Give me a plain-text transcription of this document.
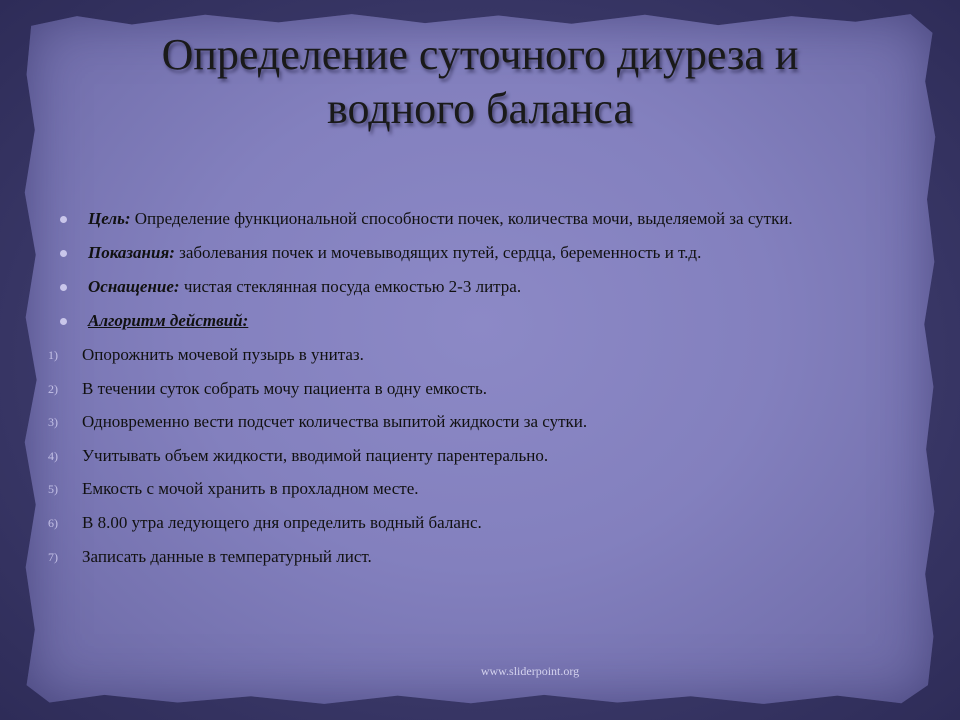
Определение суточного диуреза и водного баланса
Цель: Определение функциональной способности почек, количества мочи, выделяемой за сутки.
Показания: заболевания почек и мочевыводящих путей, сердца, беременность и т.д.
Оснащение: чистая стеклянная посуда емкостью 2-3 литра.
Алгоритм действий:
1) Опорожнить мочевой пузырь в унитаз.
2) В течении суток собрать мочу пациента в одну емкость.
3) Одновременно вести подсчет количества выпитой жидкости за сутки.
4) Учитывать объем жидкости, вводимой пациенту парентерально.
5) Емкость с мочой хранить в прохладном месте.
6) В 8.00 утра ледующего дня определить водный баланс.
7) Записать данные в температурный лист.
www.sliderpoint.org
